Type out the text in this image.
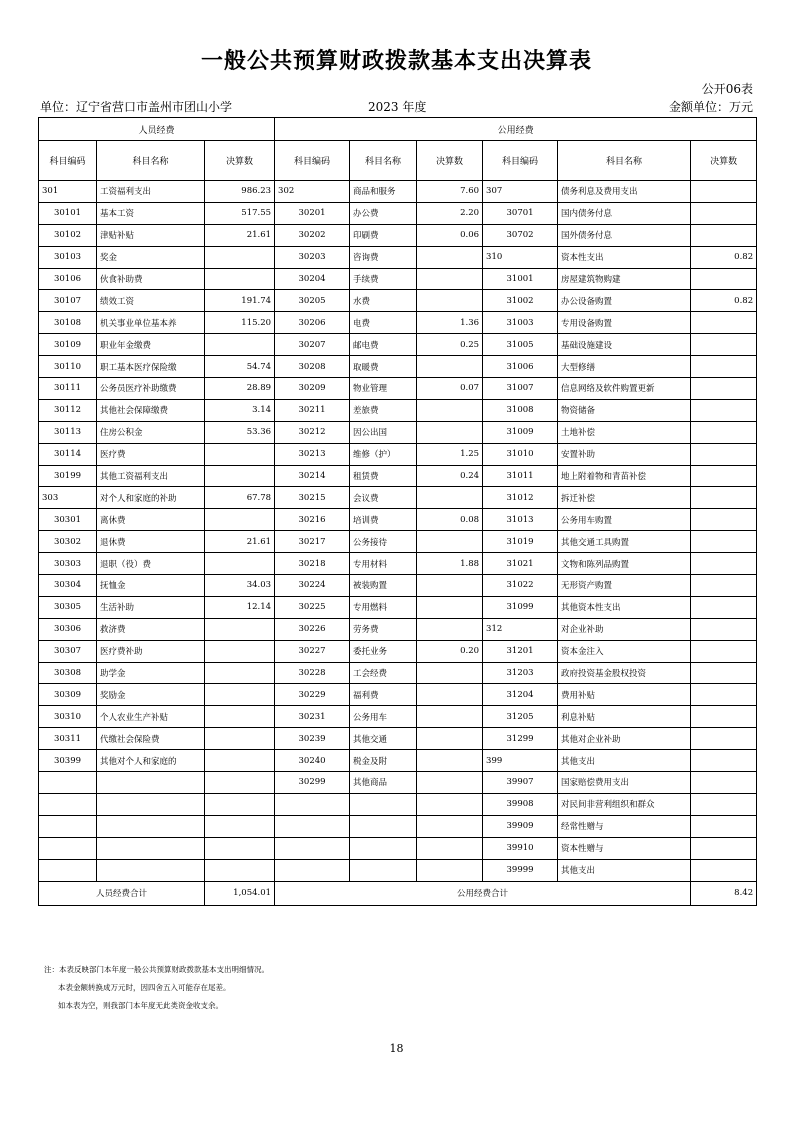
一般公共预算财政拨款基本支出决算表
公开06表
单位：辽宁省营口市盖州市团山小学	2023 年度	金额单位：万元
人员经费			公用经费					
科目编码	科目名称	决算数	科目编码	科目名称	决算数	科目编码	科目名称	决算数
301	工资福利支出	986.23	302	商品和服务	7.60	307	债务利息及费用支出	
30101	基本工资	517.55	30201	办公费	2.20	30701	国内债务付息	
30102	津贴补贴	21.61	30202	印刷费	0.06	30702	国外债务付息	
30103	奖金		30203	咨询费		310	资本性支出	0.82
30106	伙食补助费		30204	手续费		31001	房屋建筑物购建	
30107	绩效工资	191.74	30205	水费		31002	办公设备购置	0.82
30108	机关事业单位基本养	115.20	30206	电费	1.36	31003	专用设备购置	
30109	职业年金缴费		30207	邮电费	0.25	31005	基础设施建设	
30110	职工基本医疗保险缴	54.74	30208	取暖费		31006	大型修缮	
30111	公务员医疗补助缴费	28.89	30209	物业管理	0.07	31007	信息网络及软件购置更新	
30112	其他社会保障缴费	3.14	30211	差旅费		31008	物资储备	
30113	住房公积金	53.36	30212	因公出国		31009	土地补偿	
30114	医疗费		30213	维修（护）	1.25	31010	安置补助	
30199	其他工资福利支出		30214	租赁费	0.24	31011	地上附着物和青苗补偿	
303	对个人和家庭的补助	67.78	30215	会议费		31012	拆迁补偿	
30301	离休费		30216	培训费	0.08	31013	公务用车购置	
30302	退休费	21.61	30217	公务接待		31019	其他交通工具购置	
30303	退职（役）费		30218	专用材料	1.88	31021	文物和陈列品购置	
30304	抚恤金	34.03	30224	被装购置		31022	无形资产购置	
30305	生活补助	12.14	30225	专用燃料		31099	其他资本性支出	
30306	救济费		30226	劳务费		312	对企业补助	
30307	医疗费补助		30227	委托业务	0.20	31201	资本金注入	
30308	助学金		30228	工会经费		31203	政府投资基金股权投资	
30309	奖励金		30229	福利费		31204	费用补贴	
30310	个人农业生产补贴		30231	公务用车		31205	利息补贴	
30311	代缴社会保险费		30239	其他交通		31299	其他对企业补助	
30399	其他对个人和家庭的		30240	税金及附		399	其他支出	
			30299	其他商品		39907	国家赔偿费用支出	
						39908	对民间非营利组织和群众	
						39909	经常性赠与	
						39910	资本性赠与	
						39999	其他支出	
人员经费合计		1,054.01	公用经费合计					8.42
注：本表反映部门本年度一般公共预算财政拨款基本支出明细情况。
本表金额转换成万元时，因四舍五入可能存在尾差。
如本表为空，则我部门本年度无此类资金收支余。
18
